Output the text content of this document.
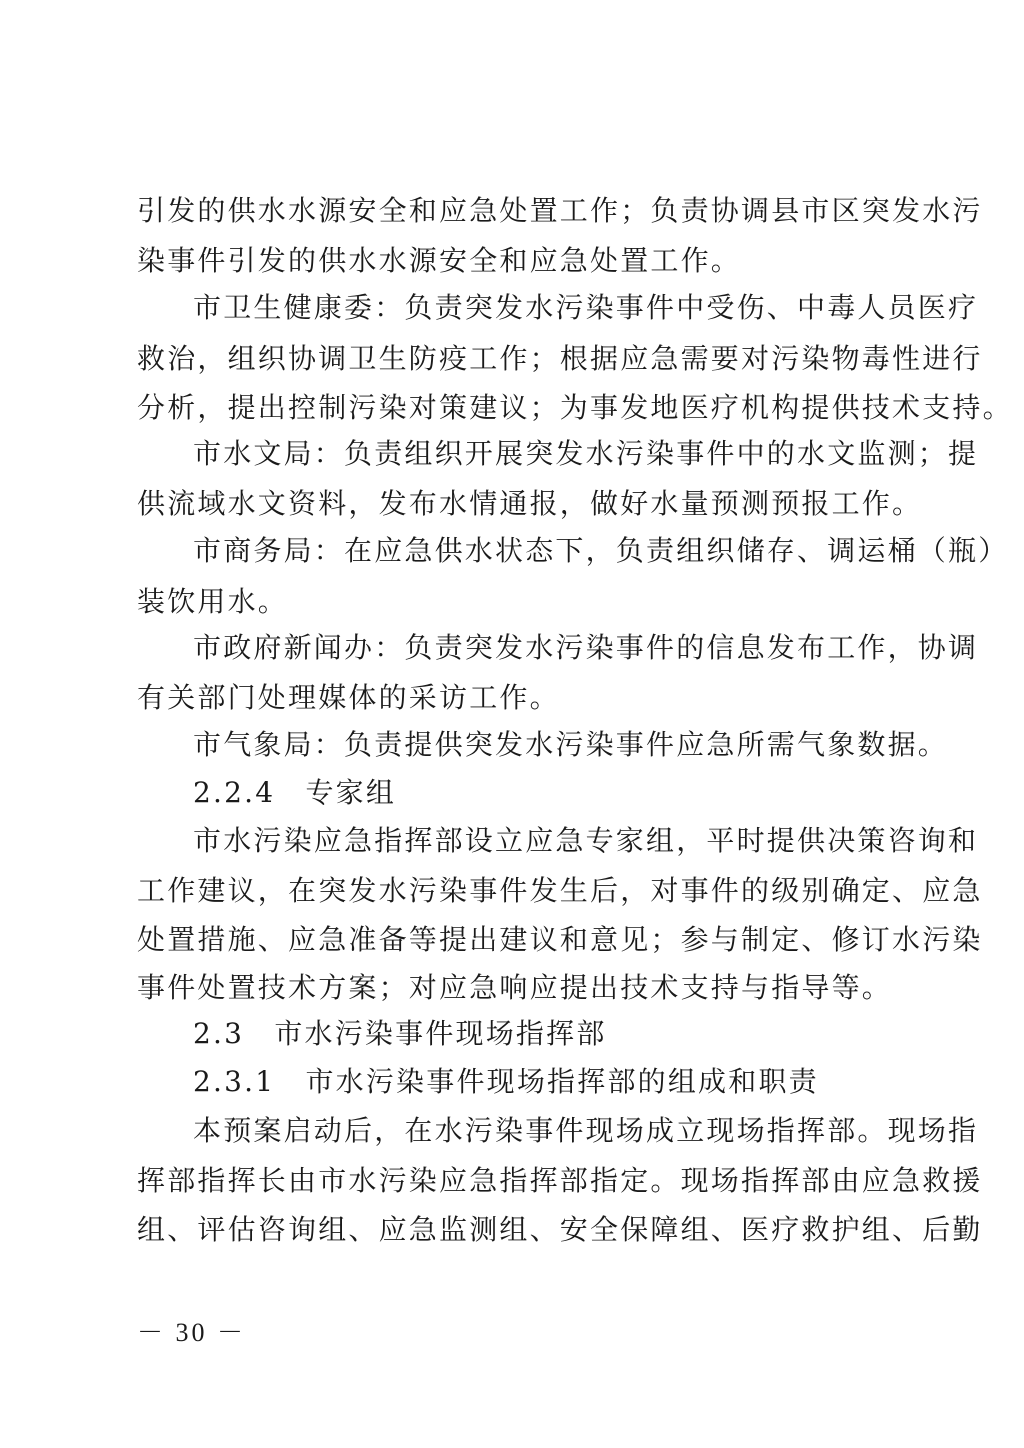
引发的供水水源安全和应急处置工作；负责协调县市区突发水污
染事件引发的供水水源安全和应急处置工作。
市卫生健康委：负责突发水污染事件中受伤、中毒人员医疗
救治，组织协调卫生防疫工作；根据应急需要对污染物毒性进行
分析，提出控制污染对策建议；为事发地医疗机构提供技术支持。
市水文局：负责组织开展突发水污染事件中的水文监测；提
供流域水文资料，发布水情通报，做好水量预测预报工作。
市商务局：在应急供水状态下，负责组织储存、调运桶（瓶）
装饮用水。
市政府新闻办：负责突发水污染事件的信息发布工作，协调
有关部门处理媒体的采访工作。
市气象局：负责提供突发水污染事件应急所需气象数据。
2.2.4　专家组
市水污染应急指挥部设立应急专家组，平时提供决策咨询和
工作建议，在突发水污染事件发生后，对事件的级别确定、应急
处置措施、应急准备等提出建议和意见；参与制定、修订水污染
事件处置技术方案；对应急响应提出技术支持与指导等。
2.3　市水污染事件现场指挥部
2.3.1　市水污染事件现场指挥部的组成和职责
本预案启动后，在水污染事件现场成立现场指挥部。现场指
挥部指挥长由市水污染应急指挥部指定。现场指挥部由应急救援
组、评估咨询组、应急监测组、安全保障组、医疗救护组、后勤
－ 30 －
